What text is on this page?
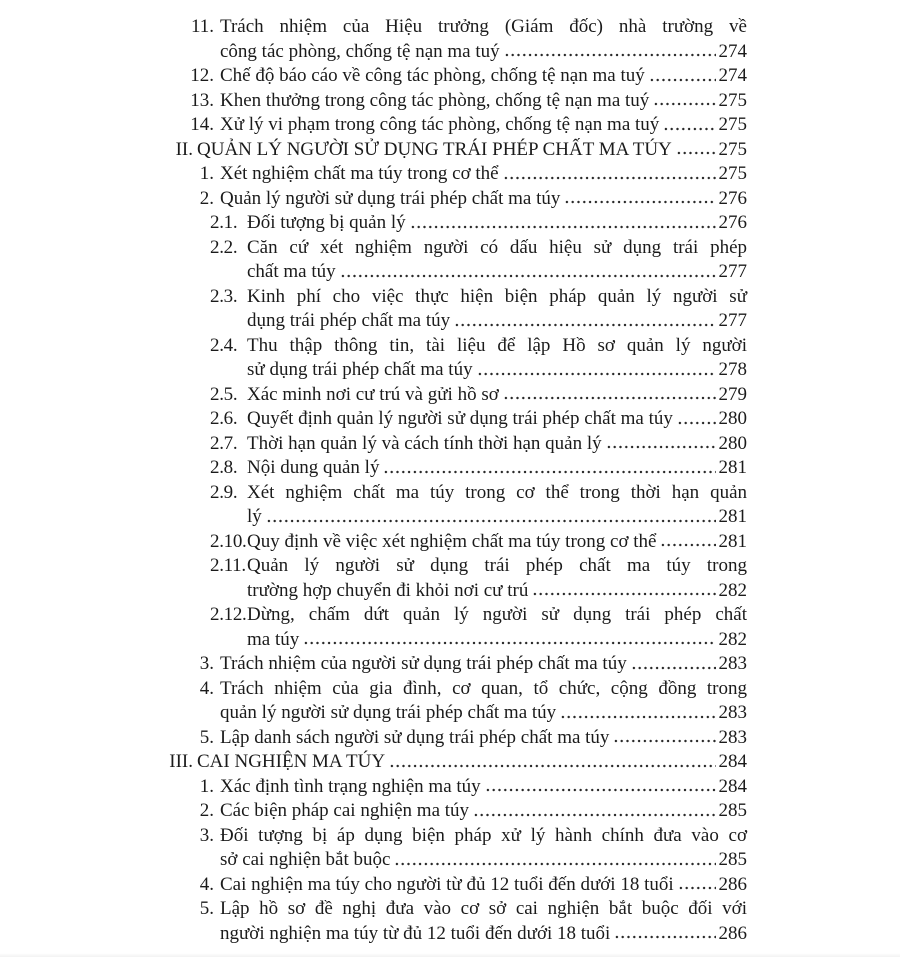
11. Trách nhiệm của Hiệu trưởng (Giám đốc) nhà trường về
công tác phòng, chống tệ nạn ma tuý	274
12. Chế độ báo cáo về công tác phòng, chống tệ nạn ma tuý	274
13. Khen thưởng trong công tác phòng, chống tệ nạn ma tuý	275
14. Xử lý vi phạm trong công tác phòng, chống tệ nạn ma tuý	275
II. QUẢN LÝ NGƯỜI SỬ DỤNG TRÁI PHÉP CHẤT MA TÚY 275
1. Xét nghiệm chất ma túy trong cơ thể	275
2. Quản lý người sử dụng trái phép chất ma túy	276
2.1. Đối tượng bị quản lý	276
2.2. Căn cứ xét nghiệm người có dấu hiệu sử dụng trái phép
chất ma túy	277
2.3. Kinh phí cho việc thực hiện biện pháp quản lý người sử
dụng trái phép chất ma túy	277
2.4. Thu thập thông tin, tài liệu để lập Hồ sơ quản lý người
sử dụng trái phép chất ma túy	278
2.5. Xác minh nơi cư trú và gửi hồ sơ	279
2.6. Quyết định quản lý người sử dụng trái phép chất ma túy 280
2.7. Thời hạn quản lý và cách tính thời hạn quản lý	280
2.8. Nội dung quản lý	281
2.9. Xét nghiệm chất ma túy trong cơ thể trong thời hạn quản
lý	281
2.10. Quy định về việc xét nghiệm chất ma túy trong cơ thể	281
2.11. Quản lý người sử dụng trái phép chất ma túy trong
trường hợp chuyển đi khỏi nơi cư trú	282
2.12. Dừng, chấm dứt quản lý người sử dụng trái phép chất
ma túy	282
3. Trách nhiệm của người sử dụng trái phép chất ma túy	283
4. Trách nhiệm của gia đình, cơ quan, tổ chức, cộng đồng trong
quản lý người sử dụng trái phép chất ma túy	283
5. Lập danh sách người sử dụng trái phép chất ma túy	283
III. CAI NGHIỆN MA TÚY	284
1. Xác định tình trạng nghiện ma túy	284
2. Các biện pháp cai nghiện ma túy	285
3. Đối tượng bị áp dụng biện pháp xử lý hành chính đưa vào cơ
sở cai nghiện bắt buộc	285
4. Cai nghiện ma túy cho người từ đủ 12 tuổi đến dưới 18 tuổi 286
5. Lập hồ sơ đề nghị đưa vào cơ sở cai nghiện bắt buộc đối với
người nghiện ma túy từ đủ 12 tuổi đến dưới 18 tuổi	286
